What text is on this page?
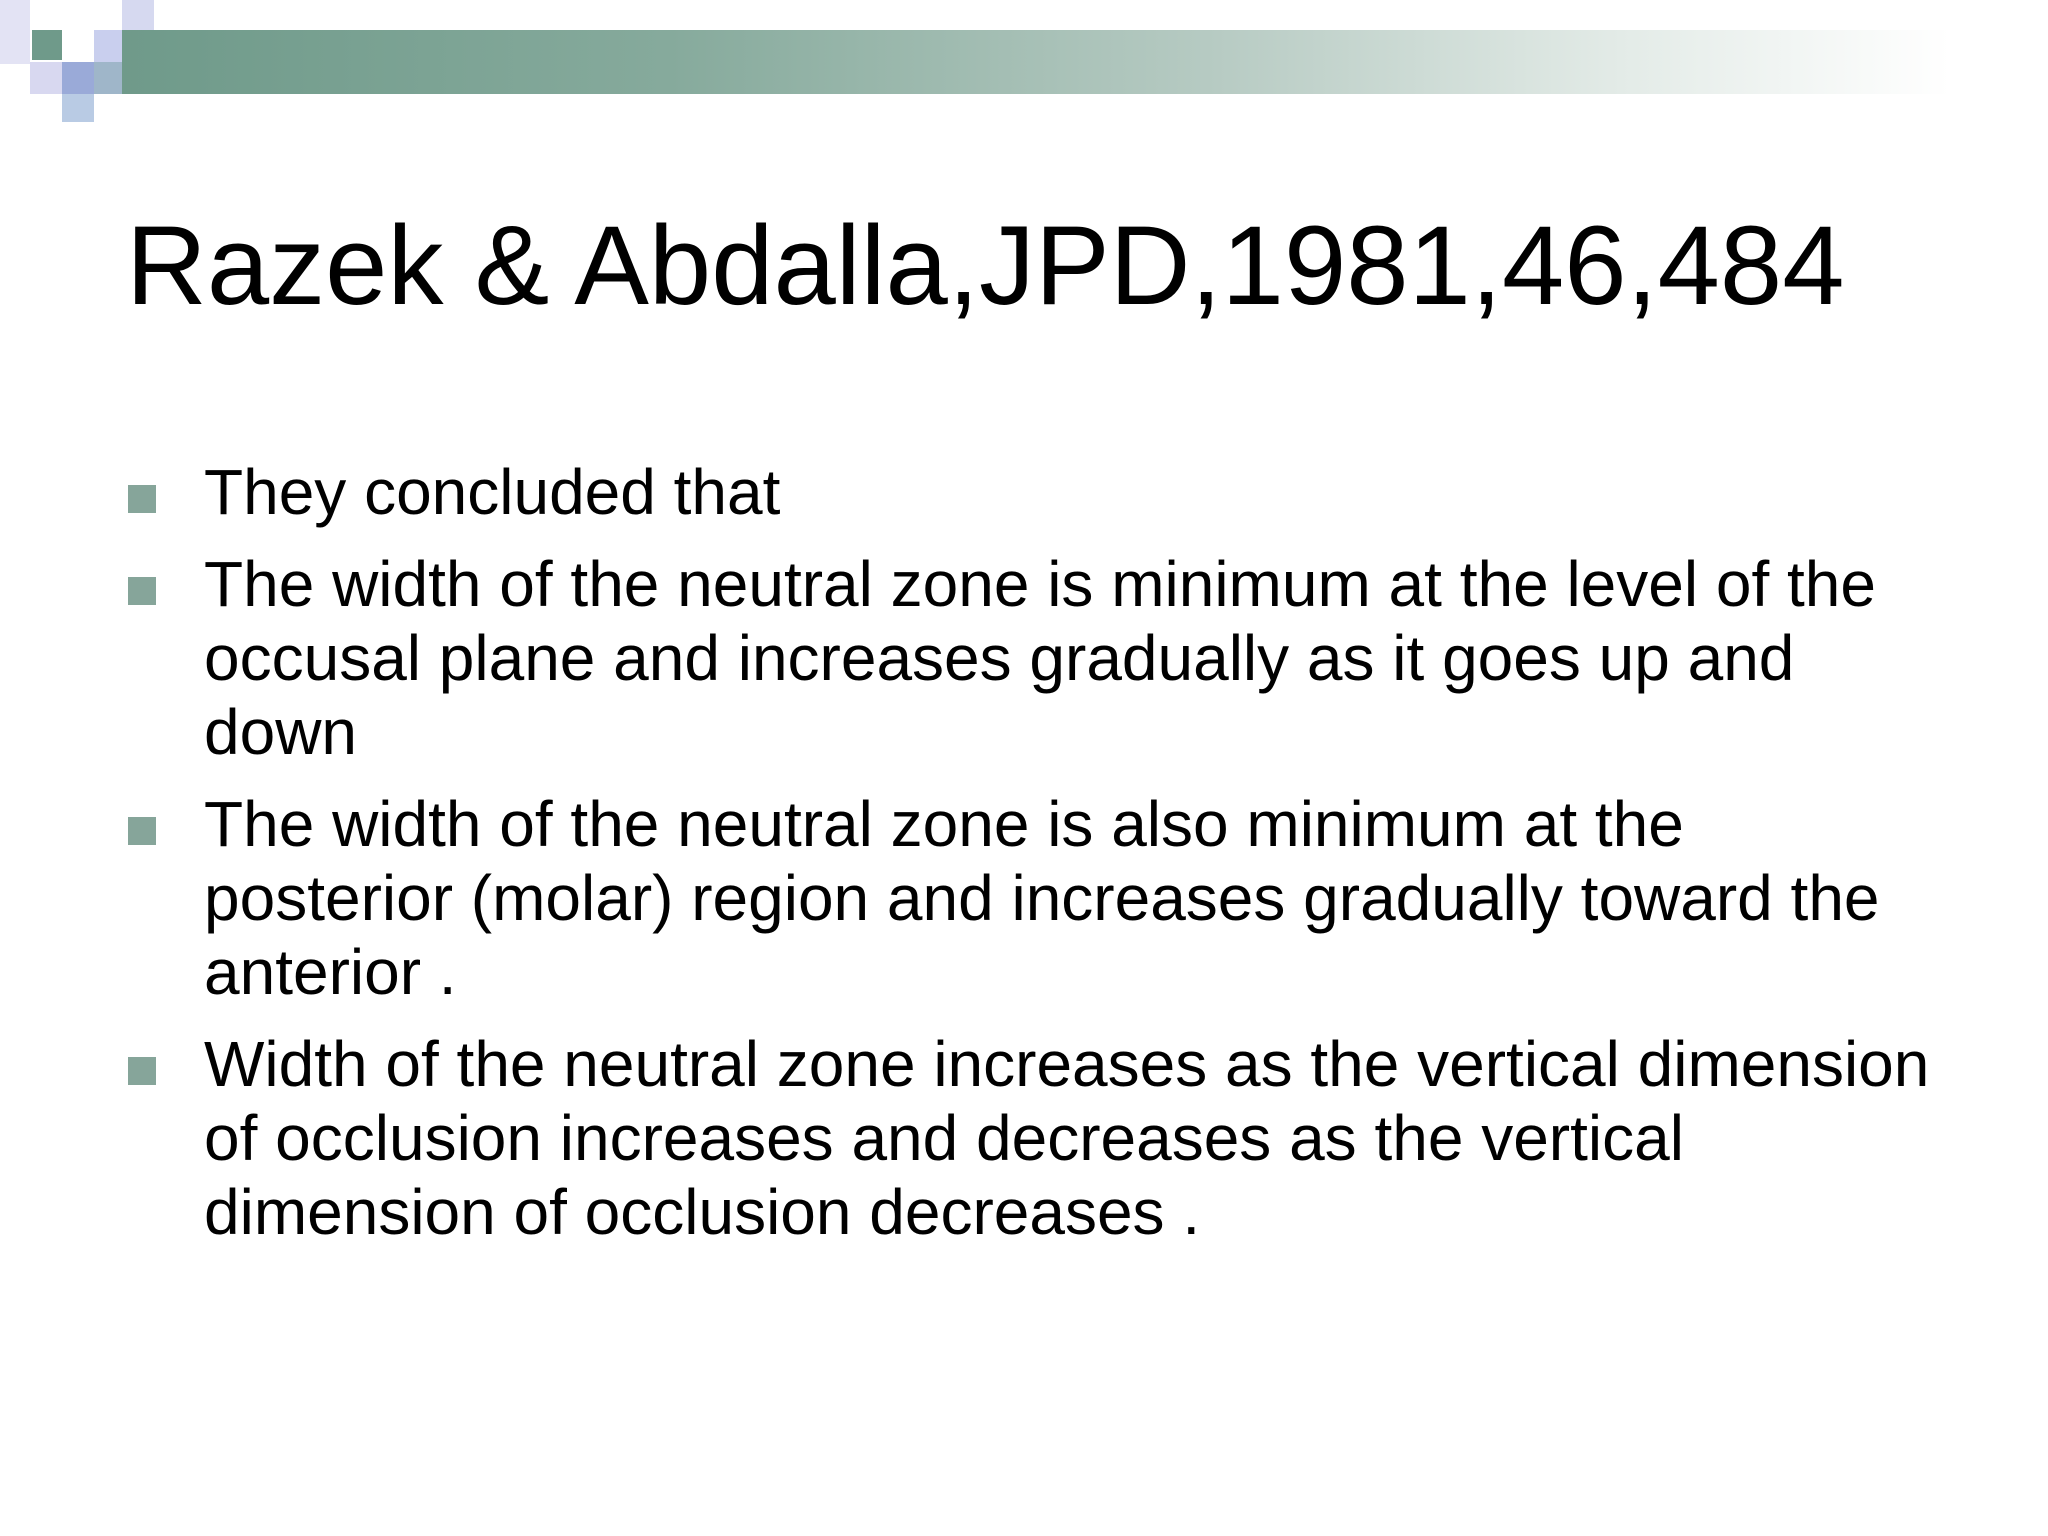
Razek & Abdalla,JPD,1981,46,484
They concluded that
The width of the neutral zone is minimum at the level of the occusal plane and increases gradually as it goes up and down
The width of the neutral zone is also minimum at the posterior (molar) region and increases gradually toward the anterior .
Width of the neutral zone increases as the vertical dimension of occlusion increases and decreases as the vertical dimension of occlusion decreases .
